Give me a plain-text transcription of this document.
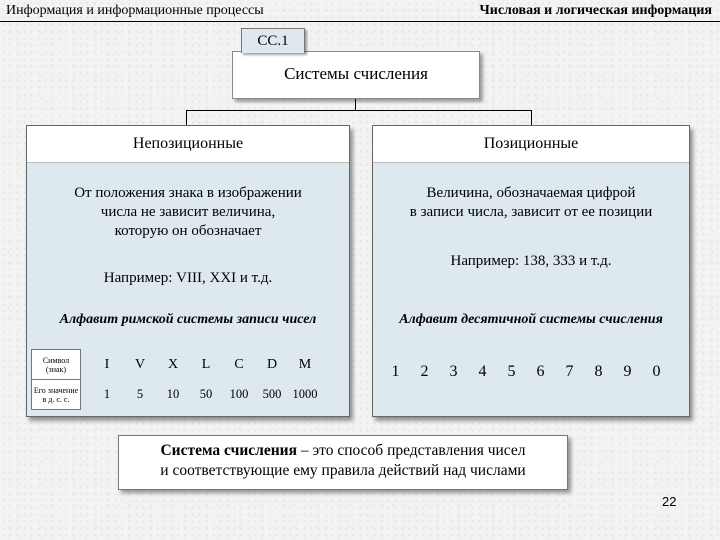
Информация и информационные процессы	Числовая и логическая информация
СС.1
Системы счисления
Непозиционные
От положения знака в изображении
числа не зависит величина,
которую он обозначает
Например: VIII, XXI и т.д.
Алфавит римской системы записи чисел
Символ (знак)		I	V	X	L	C	D	M
Его значение в д. с. с.		1	5	10	50	100	500	1000
Позиционные
Величина, обозначаемая цифрой
в записи числа, зависит от ее позиции
Например: 138, 333 и т.д.
Алфавит десятичной системы счисления
1	2	3	4	5	6	7	8	9	0
Система счисления – это способ представления чисел
и соответствующие ему правила действий над числами
22
